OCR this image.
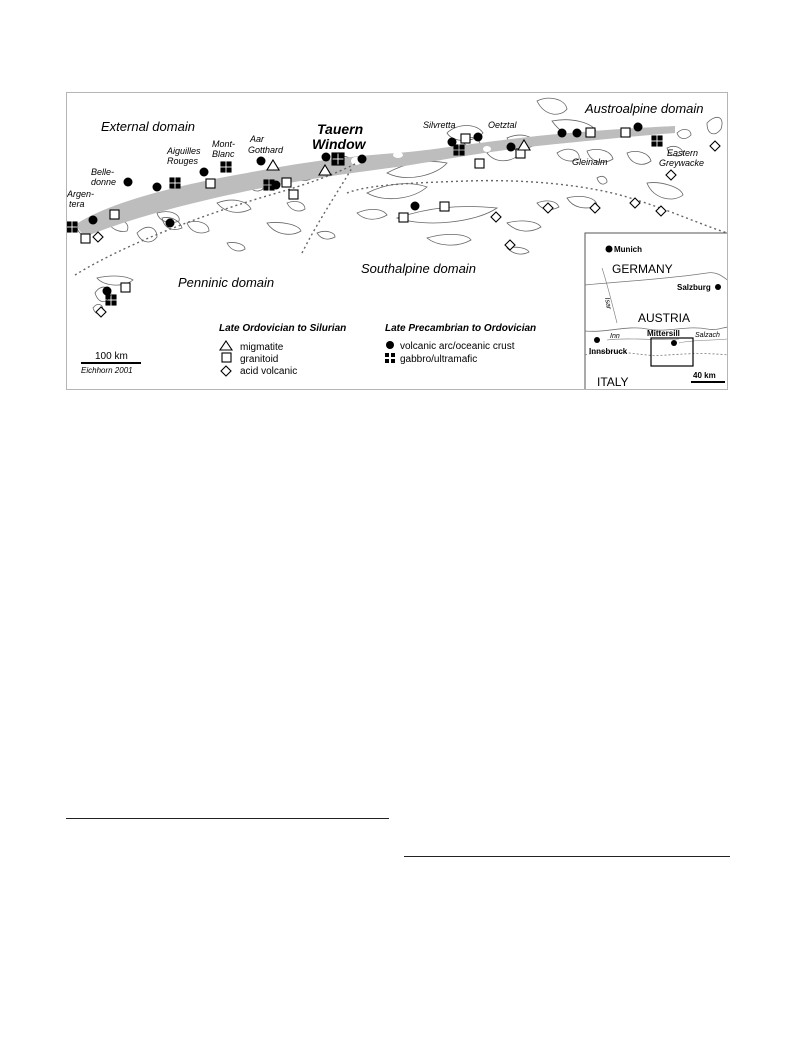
External domain
Austroalpine domain
Penninic domain
Southalpine domain
Tauern
Window
Belle-
donne
Argen-
tera
Aiguilles
Rouges
Mont-
Blanc
Aar
Gotthard
Silvretta	Oetztal
Gleinalm
Eastern
Greywacke
Late Ordovician to Silurian
migmatite
granitoid
acid volcanic
Late Precambrian to Ordovician
volcanic arc/oceanic crust
gabbro/ultramafic
100 km
Eichhorn 2001
Munich
GERMANY
Salzburg
AUSTRIA
Isar
Inn	Salzach
Mittersill
Innsbruck
ITALY	40 km
